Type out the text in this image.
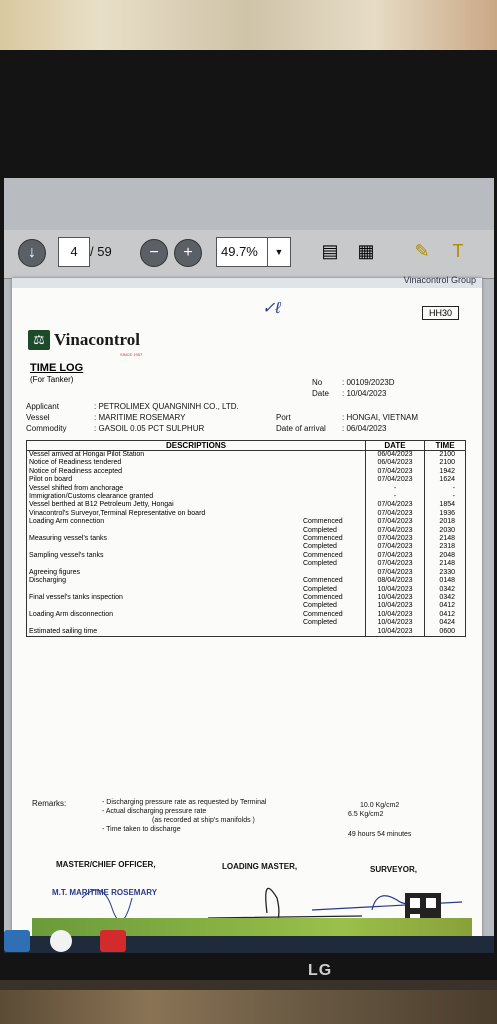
↓	4 / 59	−	+	49.7%	▼	▤	▦	✎	T
Vinacontrol Group
HH30
✓ℓ
⚖ Vinacontrol
SINCE 1957
TIME LOG
(For Tanker)	No : 00109/2023D
Date : 10/04/2023
Applicant	: PETROLIMEX QUANGNINH CO., LTD.
Vessel	: MARITIME ROSEMARY
Commodity	: GASOIL 0.05 PCT SULPHUR
Port	: HONGAI, VIETNAM
Date of arrival : 06/04/2023
DESCRIPTIONS		DATE	TIME
Vessel arrived at Hongai Pilot Station		06/04/2023	2100
Notice of Readiness tendered		06/04/2023	2100
Notice of Readiness accepted		07/04/2023	1942
Pilot on board		07/04/2023	1624
Vessel shifted from anchorage		-	-
Immigration/Customs clearance granted		-	-
Vessel berthed at B12 Petroleum Jetty, Hongai		07/04/2023	1854
Vinacontrol's Surveyor,Terminal Representative on board		07/04/2023	1936
Loading Arm connection	Commenced	07/04/2023	2018
	Completed	07/04/2023	2030
Measuring vessel's tanks	Commenced	07/04/2023	2148
	Completed	07/04/2023	2318
Sampling vessel's tanks	Commenced	07/04/2023	2048
	Completed	07/04/2023	2148
Agreeing figures		07/04/2023	2330
Discharging	Commenced	08/04/2023	0148
	Completed	10/04/2023	0342
Final vessel's tanks inspection	Commenced	10/04/2023	0342
	Completed	10/04/2023	0412
Loading Arm disconnection	Commenced	10/04/2023	0412
	Completed	10/04/2023	0424
Estimated sailing time		10/04/2023	0600
Remarks:	- Discharging pressure rate as requested by Terminal
- Actual discharging pressure rate
(as recorded at ship's manifolds )
- Time taken to discharge
10.0 Kg/cm2
6.5 Kg/cm2
49 hours 54 minutes
MASTER/CHIEF OFFICER,	LOADING MASTER,	SURVEYOR,
M.T. MARITIME ROSEMARY
LG
